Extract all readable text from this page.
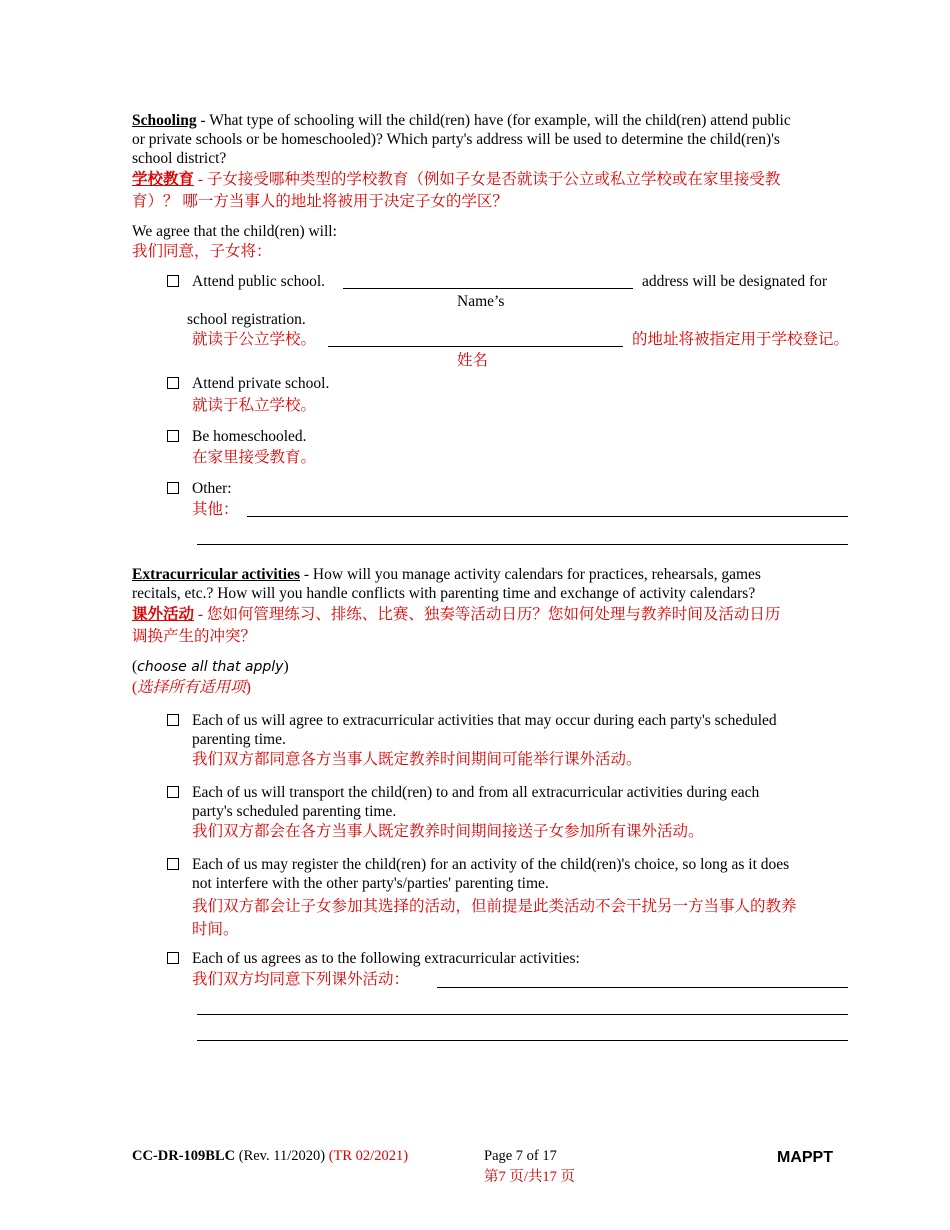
Schooling - What type of schooling will the child(ren) have (for example, will the child(ren) attend public
or private schools or be homeschooled)? Which party's address will be used to determine the child(ren)'s
school district?
学校教育 - 子女接受哪种类型的学校教育（例如子女是否就读于公立或私立学校或在家里接受教
育）？ 哪一方当事人的地址将被用于决定子女的学区？
We agree that the child(ren) will:
我们同意，子女将：
Attend public school.	address will be designated for
Name’s
school registration.
就读于公立学校。	的地址将被指定用于学校登记。
姓名
Attend private school.
就读于私立学校。
Be homeschooled.
在家里接受教育。
Other:
其他：
Extracurricular activities - How will you manage activity calendars for practices, rehearsals, games
recitals, etc.? How will you handle conflicts with parenting time and exchange of activity calendars?
课外活动 - 您如何管理练习、排练、比赛、独奏等活动日历？您如何处理与教养时间及活动日历
调换产生的冲突？
(choose all that apply)
(选择所有适用项)
Each of us will agree to extracurricular activities that may occur during each party's scheduled
parenting time.
我们双方都同意各方当事人既定教养时间期间可能举行课外活动。
Each of us will transport the child(ren) to and from all extracurricular activities during each
party's scheduled parenting time.
我们双方都会在各方当事人既定教养时间期间接送子女参加所有课外活动。
Each of us may register the child(ren) for an activity of the child(ren)'s choice, so long as it does
not interfere with the other party's/parties' parenting time.
我们双方都会让子女参加其选择的活动，但前提是此类活动不会干扰另一方当事人的教养
时间。
Each of us agrees as to the following extracurricular activities:
我们双方均同意下列课外活动：
CC-DR-109BLC (Rev. 11/2020) (TR 02/2021)	Page 7 of 17
第7 页/共17 页
MAPPT
